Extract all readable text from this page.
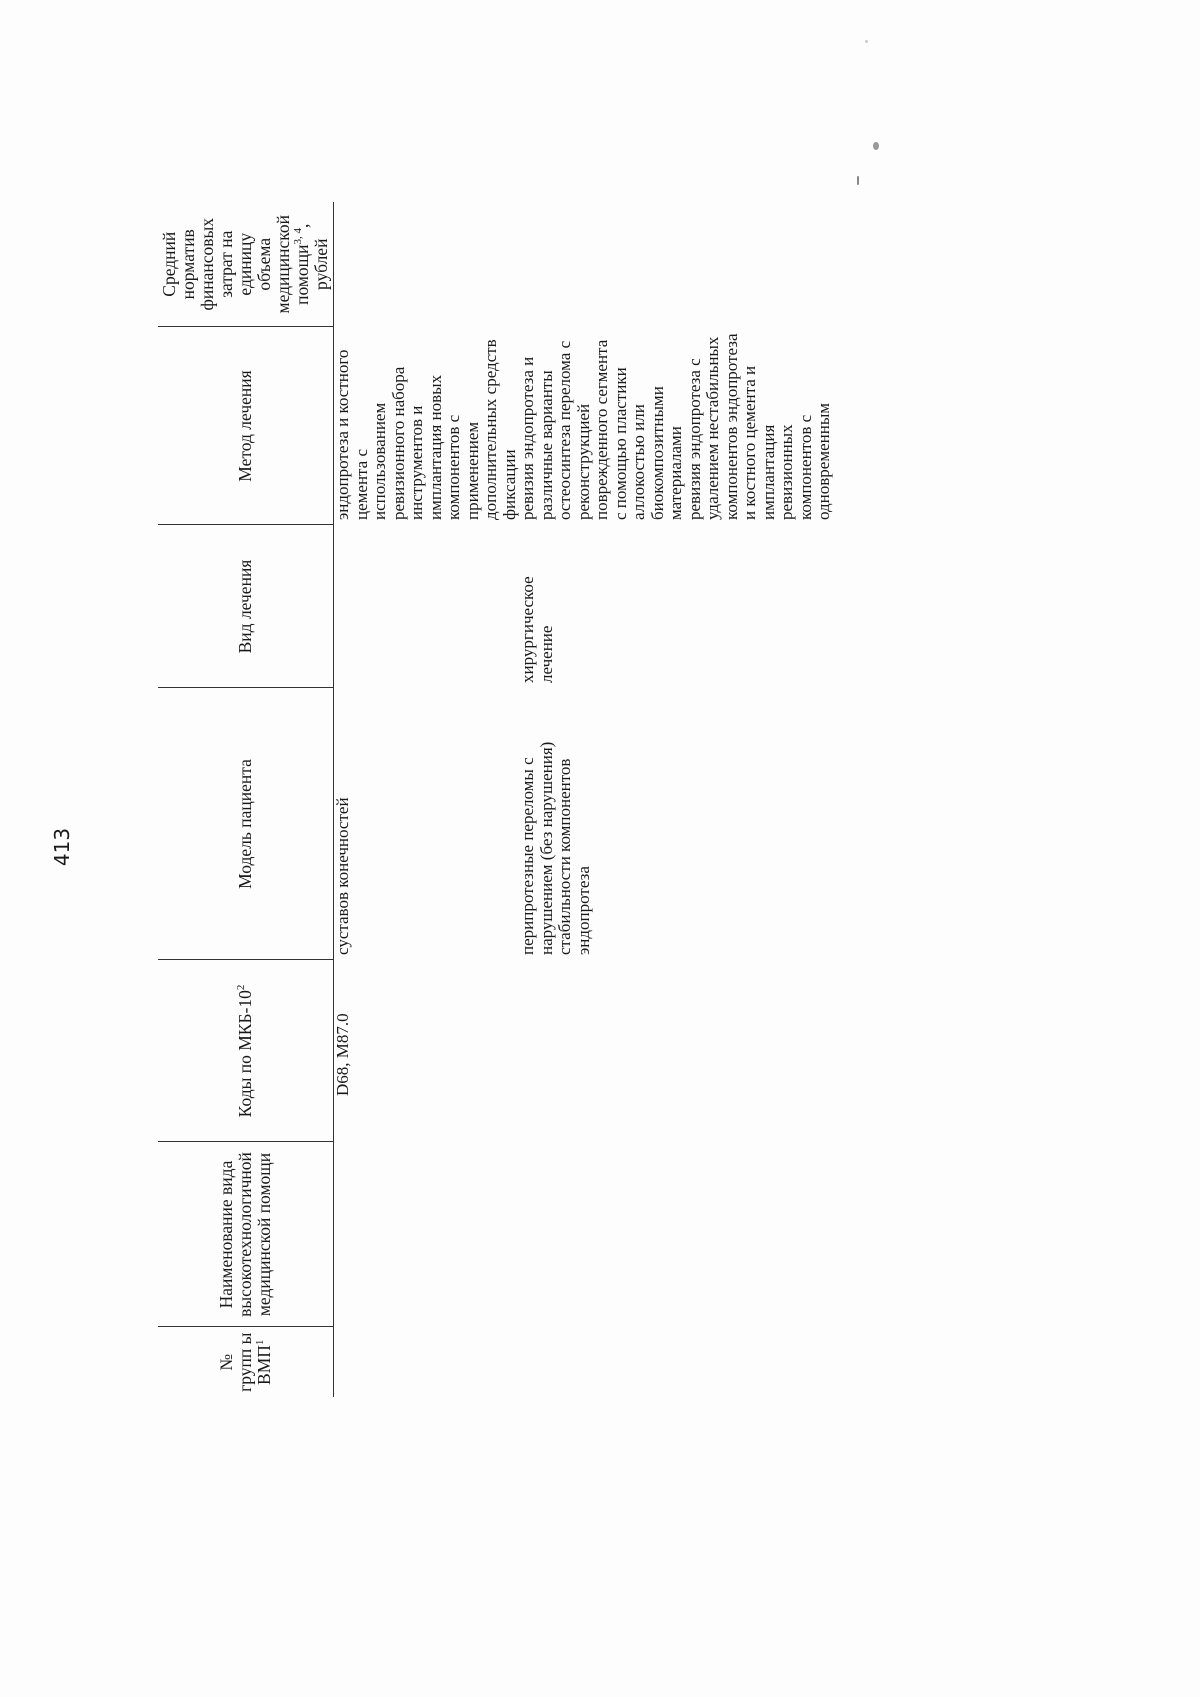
413
№ групп ы ВМП$^1$	Наименование вида высокотехнологичной медицинской помощи	Коды по МКБ-$10^2$	Модель пациента	Вид лечения	Метод лечения	Средний норматив финансовых затрат на единицу объема медицинской помощи$^{3, 4}$, рублей
		D68, M87.0	суставов конечностей		эндопротеза и костного цемента с использованием ревизионного набора инструментов и имплантация новых компонентов с применением дополнительных средств фиксации	
			перипротезные переломы с нарушением (без нарушения) стабильности компонентов эндопротеза	хирургическое лечение	ревизия эндопротеза и различные варианты остеосинтеза перелома с реконструкцией поврежденного сегмента с помощью пластики аллокостью или биокомпозитными материалами	
					ревизия эндопротеза с удалением нестабильных компонентов эндопротеза и костного цемента и имплантация ревизионных компонентов с одновременным	
